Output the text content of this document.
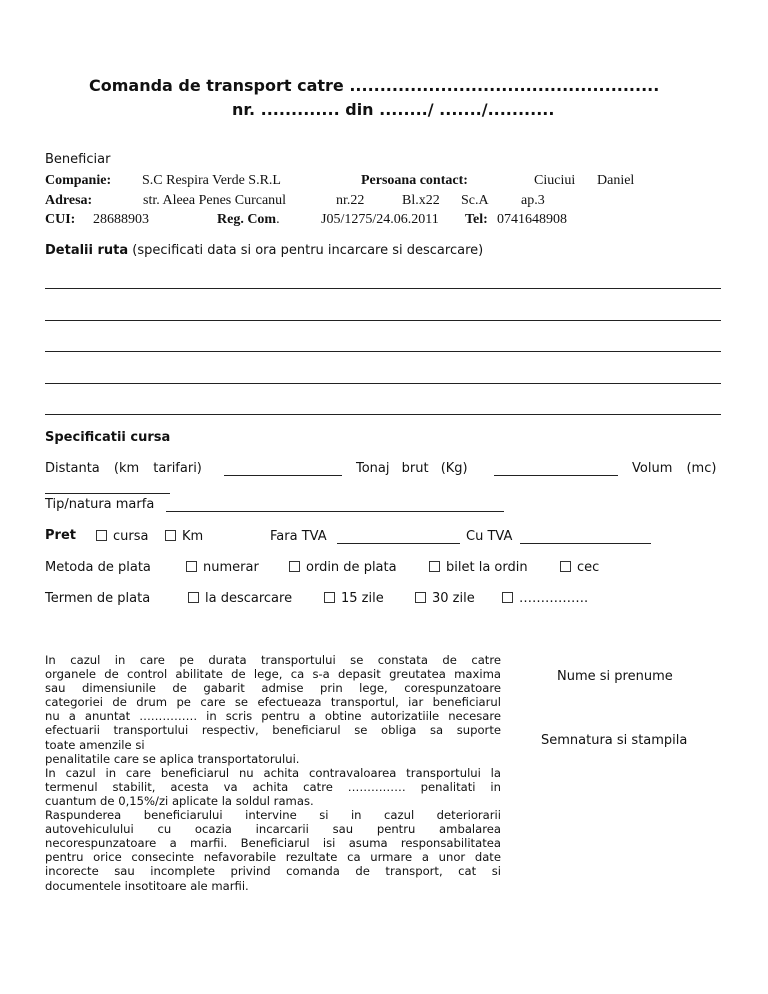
Comanda de transport catre ...................................................
nr. ............. din ......../ ......./...........
Beneficiar
Companie: S.C Respira Verde S.R.L	Persoana contact:	Ciuciui Daniel
Adresa:	str. Aleea Penes Curcanul	nr.22	Bl.x22 Sc.A ap.3
CUI: 28688903	Reg. Com.	J05/1275/24.06.2011 Tel: 0741648908
Detalii ruta (specificati data si ora pentru incarcare si descarcare)
Specificatii cursa
Distanta (km tarifari)	Tonaj brut (Kg)	Volum (mc)
Tip/natura marfa
Pret	cursa	Km	Fara TVA	Cu TVA
Metoda de plata	numerar	ordin de plata	bilet la ordin	cec
Termen de plata	la descarcare	15 zile	30 zile	…………….
In cazul in care pe durata transportului se constata de catre
organele de control abilitate de lege, ca s-a depasit greutatea maxima
sau dimensiunile de gabarit admise prin lege, corespunzatoare
categoriei de drum pe care se efectueaza transportul, iar beneficiarul
nu a anuntat …………… in scris pentru a obtine autorizatiile necesare
efectuarii transportului respectiv, beneficiarul se obliga sa suporte
toate amenzile si
penalitatile care se aplica transportatorului.
In cazul in care beneficiarul nu achita contravaloarea transportului la
termenul stabilit, acesta va achita catre …………… penalitati in
cuantum de 0,15%/zi aplicate la soldul ramas.
Raspunderea beneficiarului intervine si in cazul deteriorarii
autovehiculului cu ocazia incarcarii sau pentru ambalarea
necorespunzatoare a marfii. Beneficiarul isi asuma responsabilitatea
pentru orice consecinte nefavorabile rezultate ca urmare a unor date
incorecte sau incomplete privind comanda de transport, cat si
documentele insotitoare ale marfii.
Nume si prenume
Semnatura si stampila
